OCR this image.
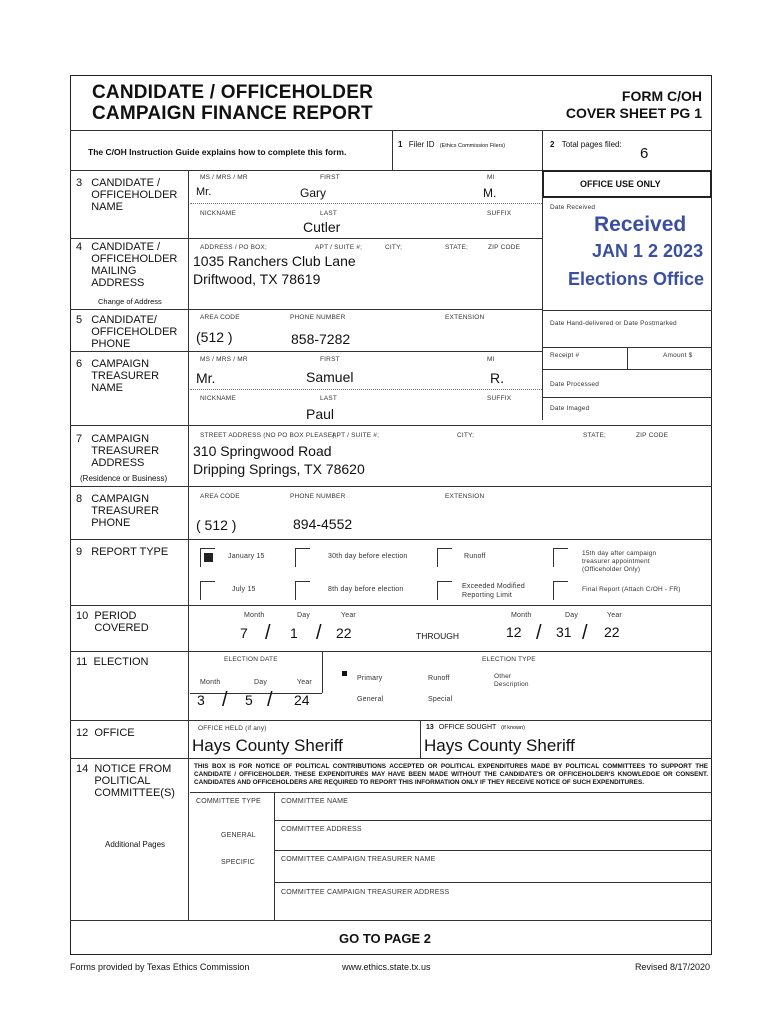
CANDIDATE / OFFICEHOLDER
CAMPAIGN FINANCE REPORT
FORM C/OH
COVER SHEET PG 1
The C/OH Instruction Guide explains how to complete this form.
1 Filer ID (Ethics Commission Filers)	2 Total pages filed:
6
OFFICE USE ONLY
Date Received
Received
JAN 1 2 2023
Elections Office
Date Hand-delivered or Date Postmarked
Receipt #	Amount $
Date Processed
Date Imaged
3 CANDIDATE / OFFICEHOLDER NAME
MS / MRS / MR	FIRST	MI
Mr.	Gary	M.
NICKNAME	LAST	SUFFIX
Cutler
4 CANDIDATE / OFFICEHOLDER MAILING ADDRESS
ADDRESS / PO BOX;	APT / SUITE #;	CITY;	STATE;	ZIP CODE
1035 Ranchers Club Lane
Driftwood, TX 78619
Change of Address
5 CANDIDATE/ OFFICEHOLDER PHONE
AREA CODE	PHONE NUMBER	EXTENSION
(512 )	858-7282
6 CAMPAIGN TREASURER NAME
MS / MRS / MR	FIRST	MI
Mr.	Samuel	R.
NICKNAME	LAST	SUFFIX
Paul
7 CAMPAIGN TREASURER ADDRESS
(Residence or Business)
STREET ADDRESS (NO PO BOX PLEASE);
APT / SUITE #;	CITY;	STATE;	ZIP CODE
310 Springwood Road
Dripping Springs, TX 78620
8 CAMPAIGN TREASURER PHONE
AREA CODE	PHONE NUMBER	EXTENSION
( 512 )	894-4552
9 REPORT TYPE	January 15	30th day before election	Runoff	15th day after campaign
treasurer appointment
(Officeholder Only)
July 15	8th day before election	Exceeded Modified
Reporting Limit
Final Report (Attach C/OH - FR)
10 PERIOD COVERED
Month	Day	Year
7 / 1 / 22	THROUGH
Month	Day	Year
12 / 31 / 22
11 ELECTION	ELECTION DATE	ELECTION TYPE
Month	Day	Year
3 / 5 / 24
Primary	Runoff	Other
Description
General	Special
12 OFFICE	OFFICE HELD (if any)
Hays County Sheriff
13 OFFICE SOUGHT (if known)
Hays County Sheriff
14 NOTICE FROM POLITICAL COMMITTEE(S)
THIS BOX IS FOR NOTICE OF POLITICAL CONTRIBUTIONS ACCEPTED OR POLITICAL EXPENDITURES MADE BY POLITICAL COMMITTEES TO SUPPORT THE CANDIDATE / OFFICEHOLDER. THESE EXPENDITURES MAY HAVE BEEN MADE WITHOUT THE CANDIDATE'S OR OFFICEHOLDER'S KNOWLEDGE OR CONSENT. CANDIDATES AND OFFICEHOLDERS ARE REQUIRED TO REPORT THIS INFORMATION ONLY IF THEY RECEIVE NOTICE OF SUCH EXPENDITURES.
COMMITTEE TYPE	COMMITTEE NAME
GENERAL
COMMITTEE ADDRESS
SPECIFIC	COMMITTEE CAMPAIGN TREASURER NAME
COMMITTEE CAMPAIGN TREASURER ADDRESS
Additional Pages
GO TO PAGE 2
Forms provided by Texas Ethics Commission	www.ethics.state.tx.us	Revised 8/17/2020
